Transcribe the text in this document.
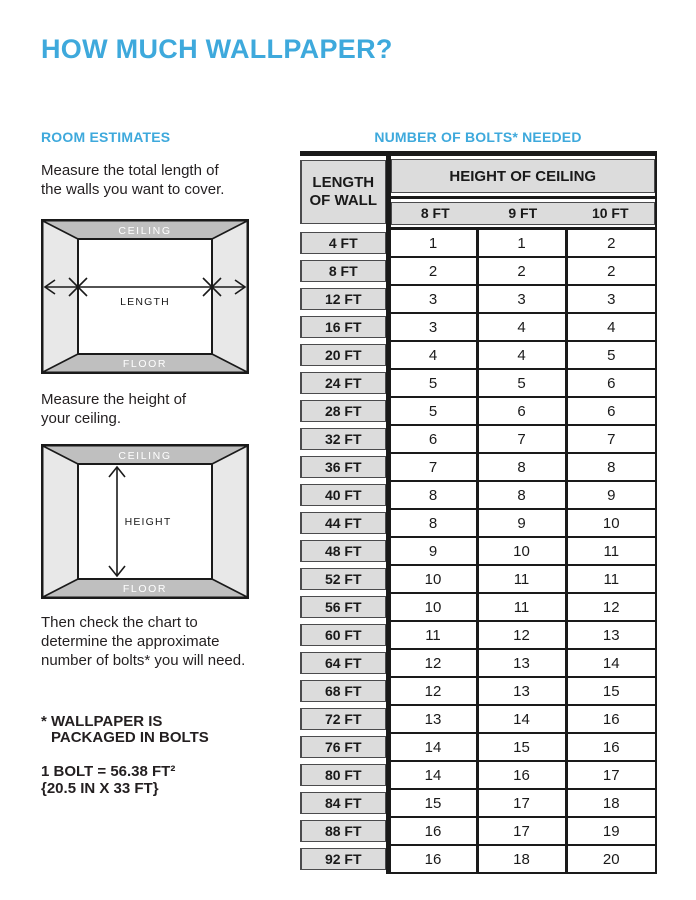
HOW MUCH WALLPAPER?
ROOM ESTIMATES	NUMBER OF BOLTS* NEEDED
Measure the total length of
the walls you want to cover.
CEILING
FLOOR
LENGTH
Measure the height of
your ceiling.
CEILING
FLOOR
HEIGHT
Then check the chart to
determine the approximate
number of bolts* you will need.
* WALLPAPER IS
PACKAGED IN BOLTS
1 BOLT = 56.38 FT²
{20.5 IN X 33 FT}
LENGTH
OF WALL	HEIGHT OF CEILING		

	8 FT 9 FT 10 FT		

4 FT	1	1	2

8 FT	2	2	2

12 FT	3	3	3

16 FT	3	4	4

20 FT	4	4	5

24 FT	5	5	6

28 FT	5	6	6

32 FT	6	7	7

36 FT	7	8	8

40 FT	8	8	9

44 FT	8	9	10

48 FT	9	10	11

52 FT	10	11	11

56 FT	10	11	12

60 FT	11	12	13

64 FT	12	13	14

68 FT	12	13	15

72 FT	13	14	16

76 FT	14	15	16

80 FT	14	16	17

84 FT	15	17	18

88 FT	16	17	19

92 FT	16	18	20
